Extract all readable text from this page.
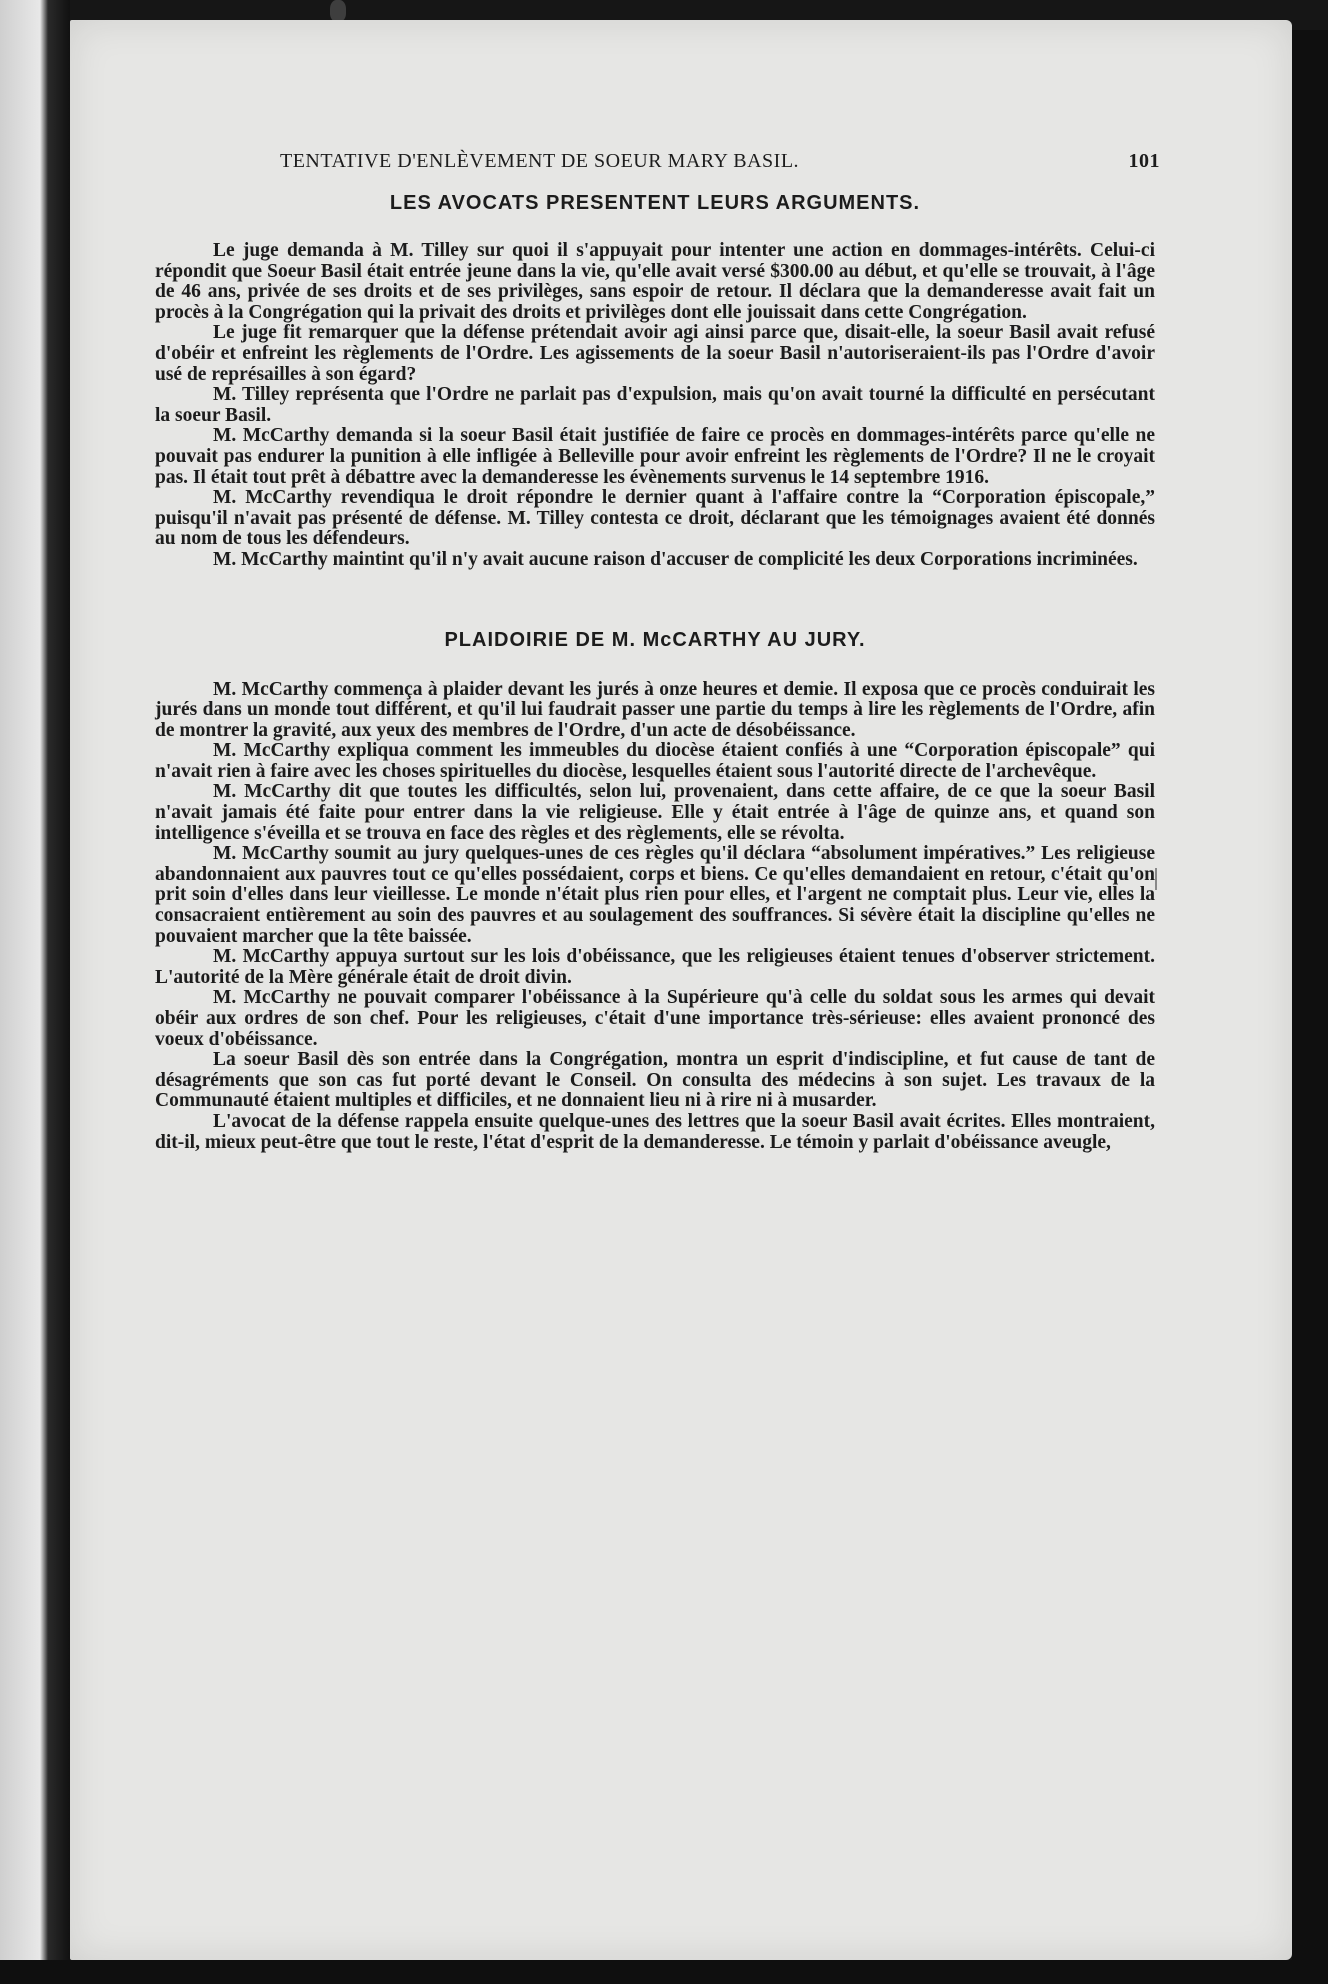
TENTATIVE D'ENLÈVEMENT DE SOEUR MARY BASIL.	101
LES AVOCATS PRESENTENT LEURS ARGUMENTS.

Le juge demanda à M. Tilley sur quoi il s'appuyait pour intenter une action en dommages-intérêts. Celui-ci répondit que Soeur Basil était entrée jeune dans la vie, qu'elle avait versé $300.00 au début, et qu'elle se trouvait, à l'âge de 46 ans, privée de ses droits et de ses privilèges, sans espoir de retour. Il déclara que la demanderesse avait fait un procès à la Congrégation qui la privait des droits et privilèges dont elle jouissait dans cette Congrégation.

Le juge fit remarquer que la défense prétendait avoir agi ainsi parce que, disait-elle, la soeur Basil avait refusé d'obéir et enfreint les règlements de l'Ordre. Les agissements de la soeur Basil n'autoriseraient-ils pas l'Ordre d'avoir usé de représailles à son égard?

M. Tilley représenta que l'Ordre ne parlait pas d'expulsion, mais qu'on avait tourné la difficulté en persécutant la soeur Basil.

M. McCarthy demanda si la soeur Basil était justifiée de faire ce procès en dommages-intérêts parce qu'elle ne pouvait pas endurer la punition à elle infligée à Belleville pour avoir enfreint les règlements de l'Ordre? Il ne le croyait pas. Il était tout prêt à débattre avec la demanderesse les évènements survenus le 14 septembre 1916.

M. McCarthy revendiqua le droit répondre le dernier quant à l'affaire contre la “Corporation épiscopale,” puisqu'il n'avait pas présenté de défense. M. Tilley contesta ce droit, déclarant que les témoignages avaient été donnés au nom de tous les défendeurs.

M. McCarthy maintint qu'il n'y avait aucune raison d'accuser de complicité les deux Corporations incriminées.

PLAIDOIRIE DE M. McCARTHY AU JURY.

M. McCarthy commença à plaider devant les jurés à onze heures et demie. Il exposa que ce procès conduirait les jurés dans un monde tout différent, et qu'il lui faudrait passer une partie du temps à lire les règlements de l'Ordre, afin de montrer la gravité, aux yeux des membres de l'Ordre, d'un acte de désobéissance.

M. McCarthy expliqua comment les immeubles du diocèse étaient confiés à une “Corporation épiscopale” qui n'avait rien à faire avec les choses spirituelles du diocèse, lesquelles étaient sous l'autorité directe de l'archevêque.

M. McCarthy dit que toutes les difficultés, selon lui, provenaient, dans cette affaire, de ce que la soeur Basil n'avait jamais été faite pour entrer dans la vie religieuse. Elle y était entrée à l'âge de quinze ans, et quand son intelligence s'éveilla et se trouva en face des règles et des règlements, elle se révolta.

M. McCarthy soumit au jury quelques-unes de ces règles qu'il déclara “absolument impératives.” Les religieuse abandonnaient aux pauvres tout ce qu'elles possédaient, corps et biens. Ce qu'elles demandaient en retour, c'était qu'on prit soin d'elles dans leur vieillesse. Le monde n'était plus rien pour elles, et l'argent ne comptait plus. Leur vie, elles la consacraient entièrement au soin des pauvres et au soulagement des souffrances. Si sévère était la discipline qu'elles ne pouvaient marcher que la tête baissée.

M. McCarthy appuya surtout sur les lois d'obéissance, que les religieuses étaient tenues d'observer strictement. L'autorité de la Mère générale était de droit divin.

M. McCarthy ne pouvait comparer l'obéissance à la Supérieure qu'à celle du soldat sous les armes qui devait obéir aux ordres de son chef. Pour les religieuses, c'était d'une importance très-sérieuse: elles avaient prononcé des voeux d'obéissance.

La soeur Basil dès son entrée dans la Congrégation, montra un esprit d'indiscipline, et fut cause de tant de désagréments que son cas fut porté devant le Conseil. On consulta des médecins à son sujet. Les travaux de la Communauté étaient multiples et difficiles, et ne donnaient lieu ni à rire ni à musarder.

L'avocat de la défense rappela ensuite quelque-unes des lettres que la soeur Basil avait écrites. Elles montraient, dit-il, mieux peut-être que tout le reste, l'état d'esprit de la demanderesse. Le témoin y parlait d'obéissance aveugle,
